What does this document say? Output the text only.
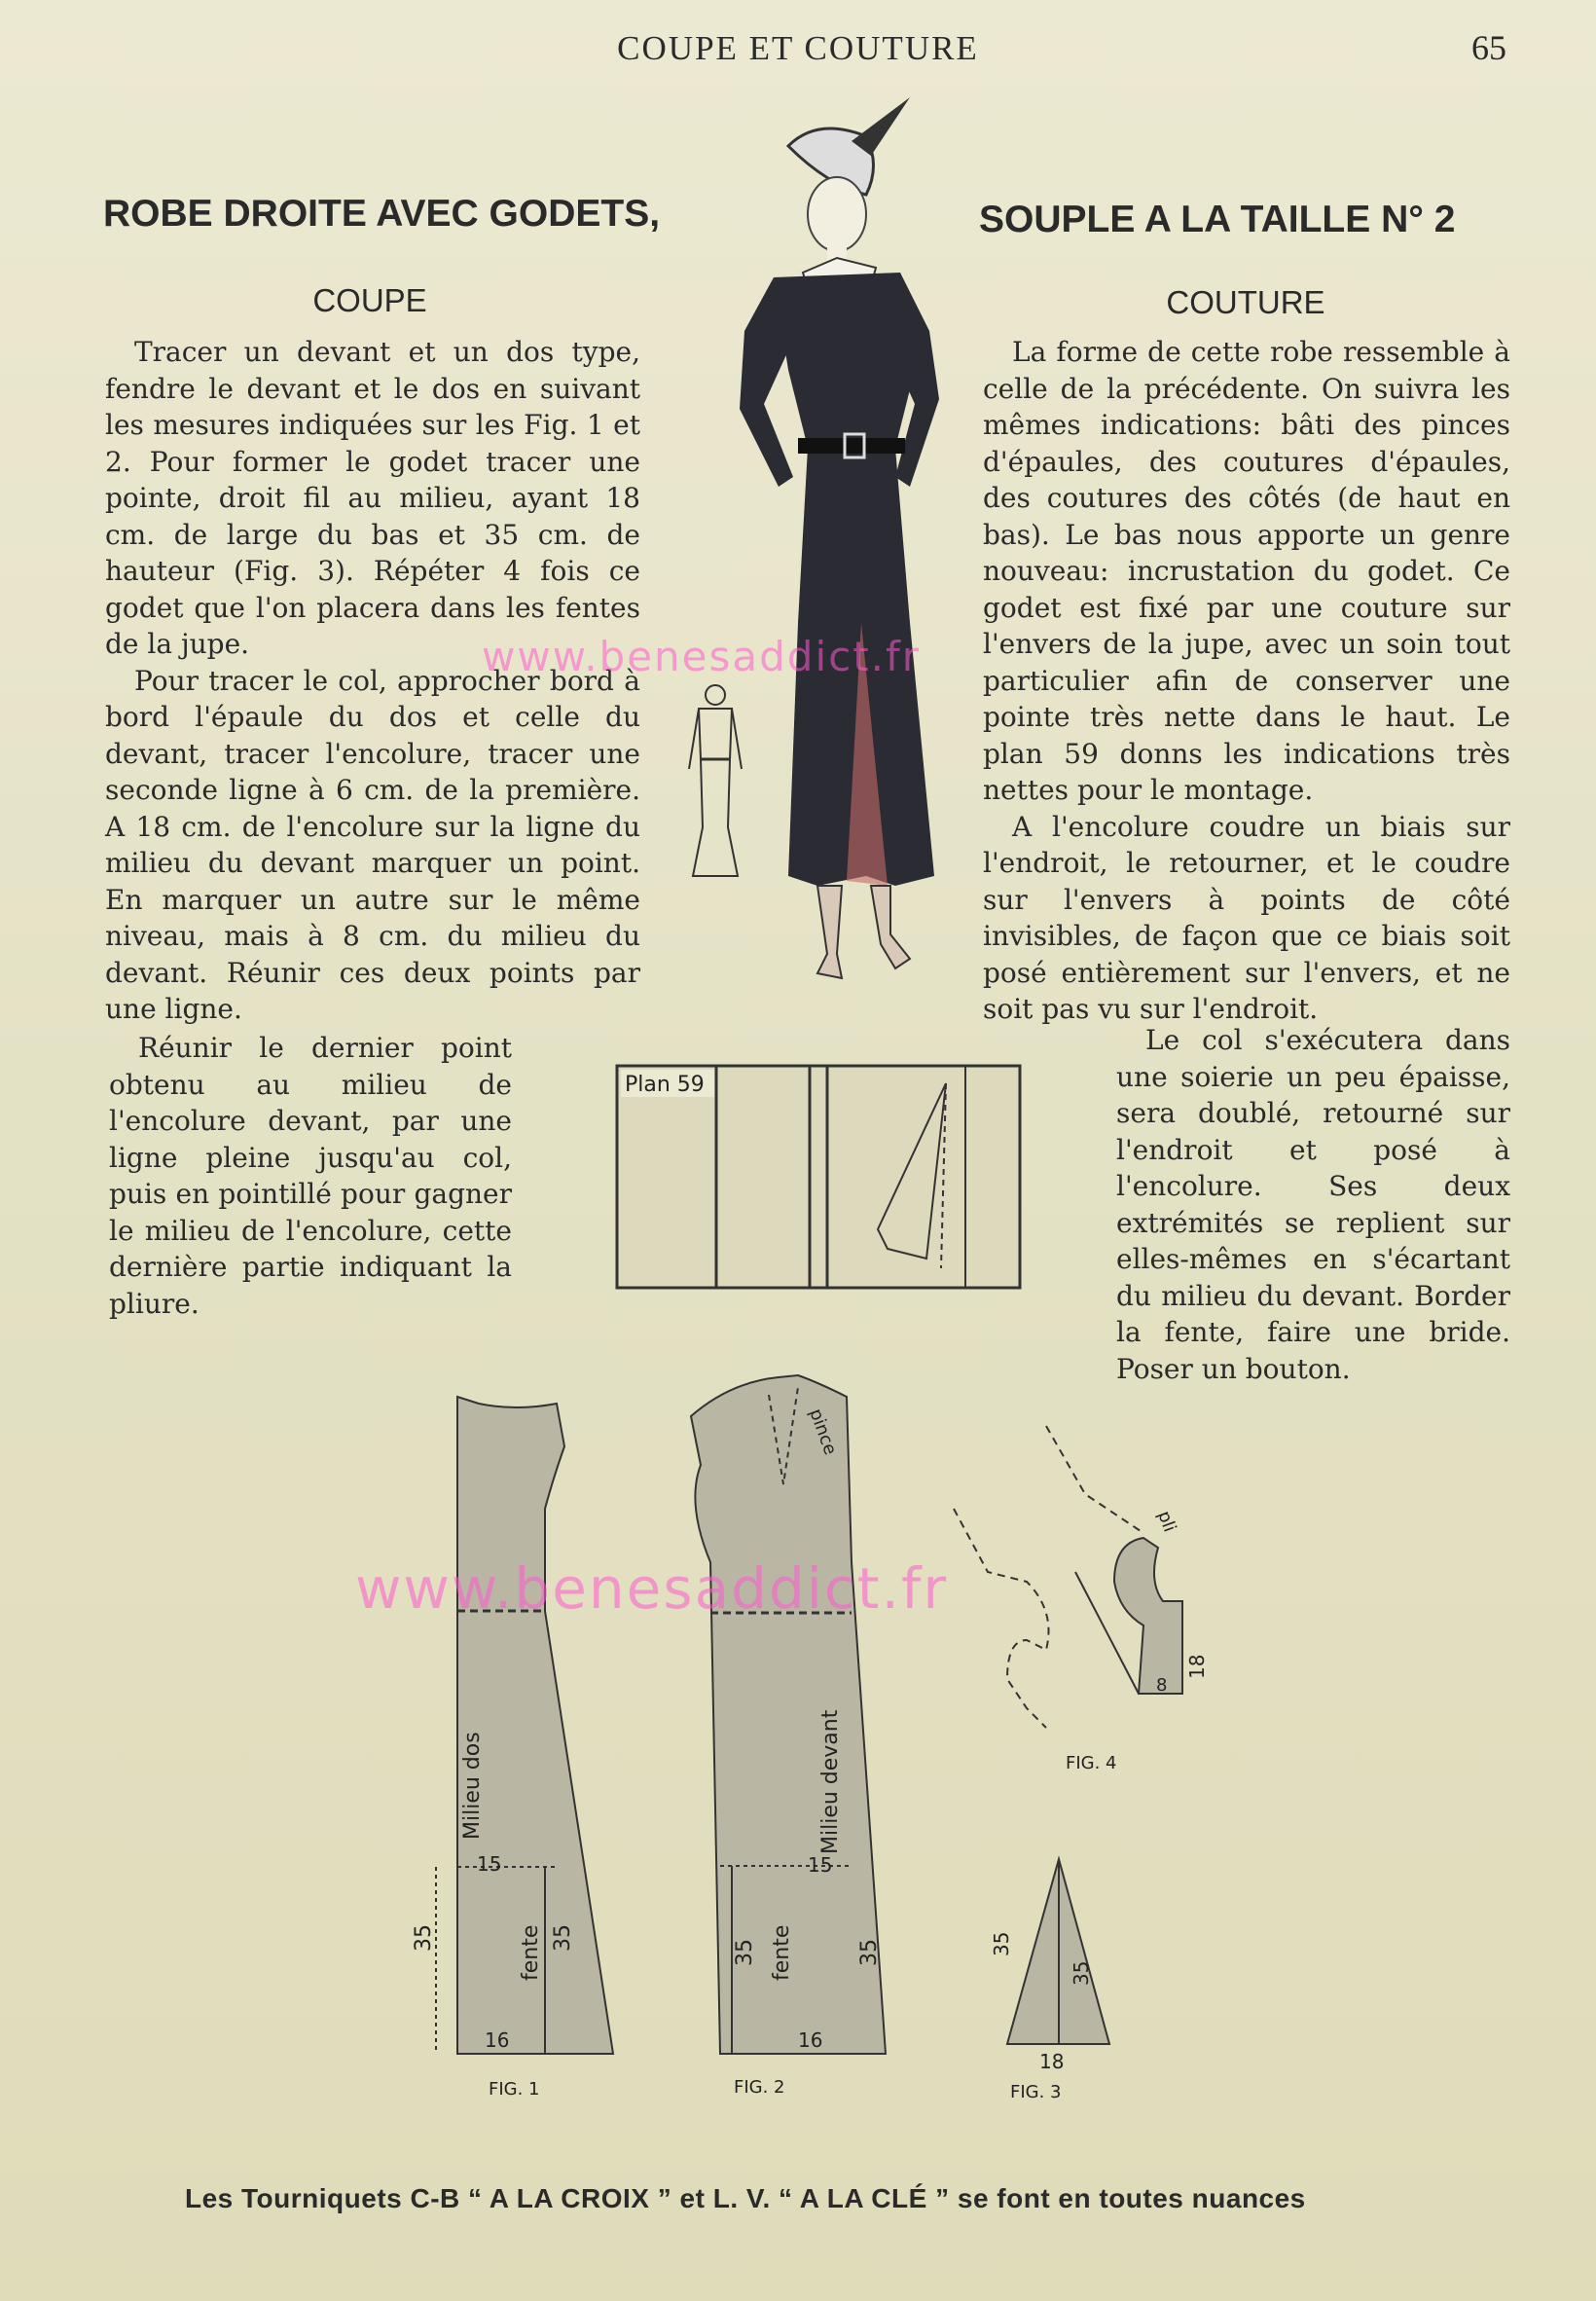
COUPE ET COUTURE	65
ROBE DROITE AVEC GODETS,	SOUPLE A LA TAILLE N° 2
COUPE	COUTURE

Tracer un devant et un dos type, fendre le devant et le dos en suivant les mesures indiquées sur les Fig. 1 et 2. Pour former le godet tracer une pointe, droit fil au milieu, ayant 18 cm. de large du bas et 35 cm. de hauteur (Fig. 3). Répéter 4 fois ce godet que l'on placera dans les fentes de la jupe.

Pour tracer le col, approcher bord à bord l'épaule du dos et celle du devant, tracer l'encolure, tracer une seconde ligne à 6 cm. de la première. A 18 cm. de l'encolure sur la ligne du milieu du devant marquer un point. En marquer un autre sur le même niveau, mais à 8 cm. du milieu du devant. Réunir ces deux points par une ligne.

Réunir le dernier point obtenu au milieu de l'encolure devant, par une ligne pleine jusqu'au col, puis en pointillé pour gagner le milieu de l'encolure, cette dernière partie indiquant la pliure.

La forme de cette robe ressemble à celle de la précédente. On suivra les mêmes indications: bâti des pinces d'épaules, des coutures d'épaules, des coutures des côtés (de haut en bas). Le bas nous apporte un genre nouveau: incrustation du godet. Ce godet est fixé par une couture sur l'envers de la jupe, avec un soin tout particulier afin de conserver une pointe très nette dans le haut. Le plan 59 donns les indications très nettes pour le montage.

A l'encolure coudre un biais sur l'endroit, le retourner, et le coudre sur l'envers à points de côté invisibles, de façon que ce biais soit posé entièrement sur l'envers, et ne soit pas vu sur l'endroit.

Le col s'exécutera dans une soierie un peu épaisse, sera doublé, retourné sur l'endroit et posé à l'encolure. Ses deux extrémités se replient sur elles-mêmes en s'écartant du milieu du devant. Border la fente, faire une bride. Poser un bouton.

Plan 59
15
16
35	35
Milieu dos
fente
FIG. 1
15
16
35	35
Milieu devant
fente
pince
FIG. 2
pli
18
8
FIG. 4
35
35
18
FIG. 3
www.benesaddict.fr
www.benesaddict.fr
Les Tourniquets C-B “ A LA CROIX ” et L. V. “ A LA CLÉ ” se font en toutes nuances
